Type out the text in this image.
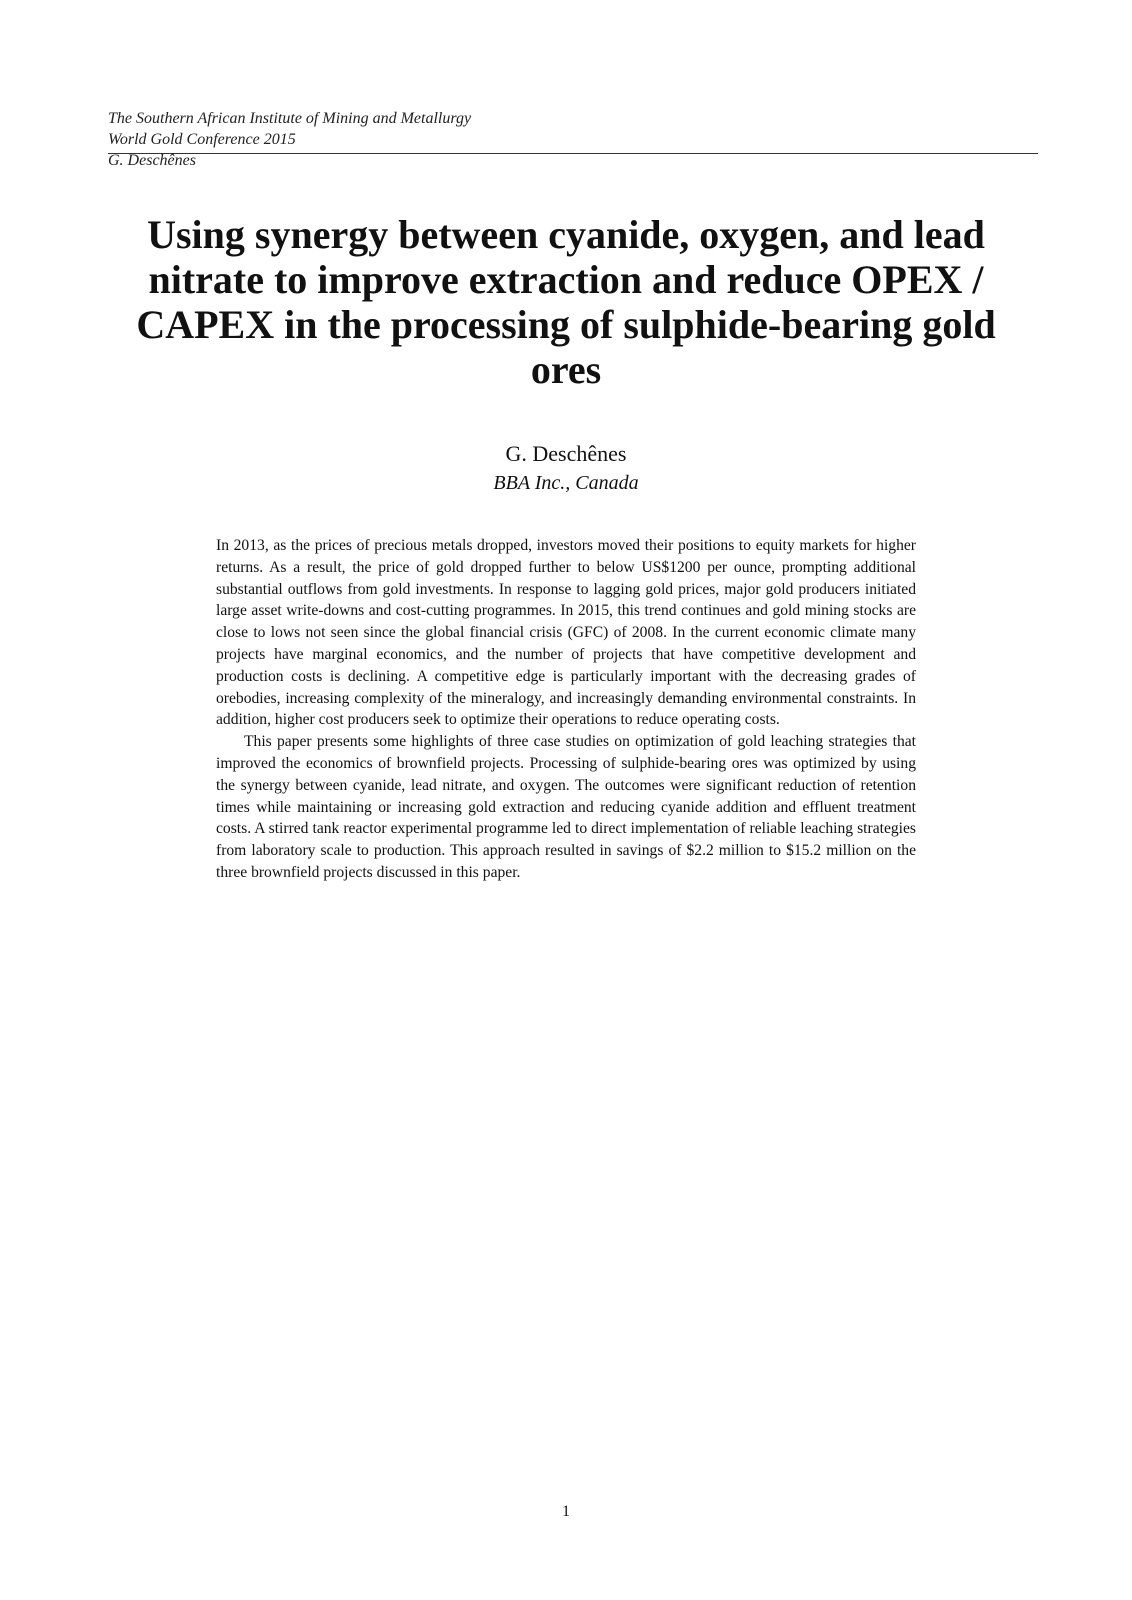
The Southern African Institute of Mining and Metallurgy
World Gold Conference 2015
G. Deschênes
Using synergy between cyanide, oxygen, and lead
nitrate to improve extraction and reduce OPEX /
CAPEX in the processing of sulphide-bearing gold
ores
G. Deschênes
BBA Inc., Canada

In 2013, as the prices of precious metals dropped, investors moved their positions to equity markets for higher returns. As a result, the price of gold dropped further to below US$1200 per ounce, prompting additional substantial outflows from gold investments. In response to lagging gold prices, major gold producers initiated large asset write-downs and cost-cutting programmes. In 2015, this trend continues and gold mining stocks are close to lows not seen since the global financial crisis (GFC) of 2008. In the current economic climate many projects have marginal economics, and the number of projects that have competitive development and production costs is declining. A competitive edge is particularly important with the decreasing grades of orebodies, increasing complexity of the mineralogy, and increasingly demanding environmental constraints. In addition, higher cost producers seek to optimize their operations to reduce operating costs.

This paper presents some highlights of three case studies on optimization of gold leaching strategies that improved the economics of brownfield projects. Processing of sulphide-bearing ores was optimized by using the synergy between cyanide, lead nitrate, and oxygen. The outcomes were significant reduction of retention times while maintaining or increasing gold extraction and reducing cyanide addition and effluent treatment costs. A stirred tank reactor experimental programme led to direct implementation of reliable leaching strategies from laboratory scale to production. This approach resulted in savings of $2.2 million to $15.2 million on the three brownfield projects discussed in this paper.

1
